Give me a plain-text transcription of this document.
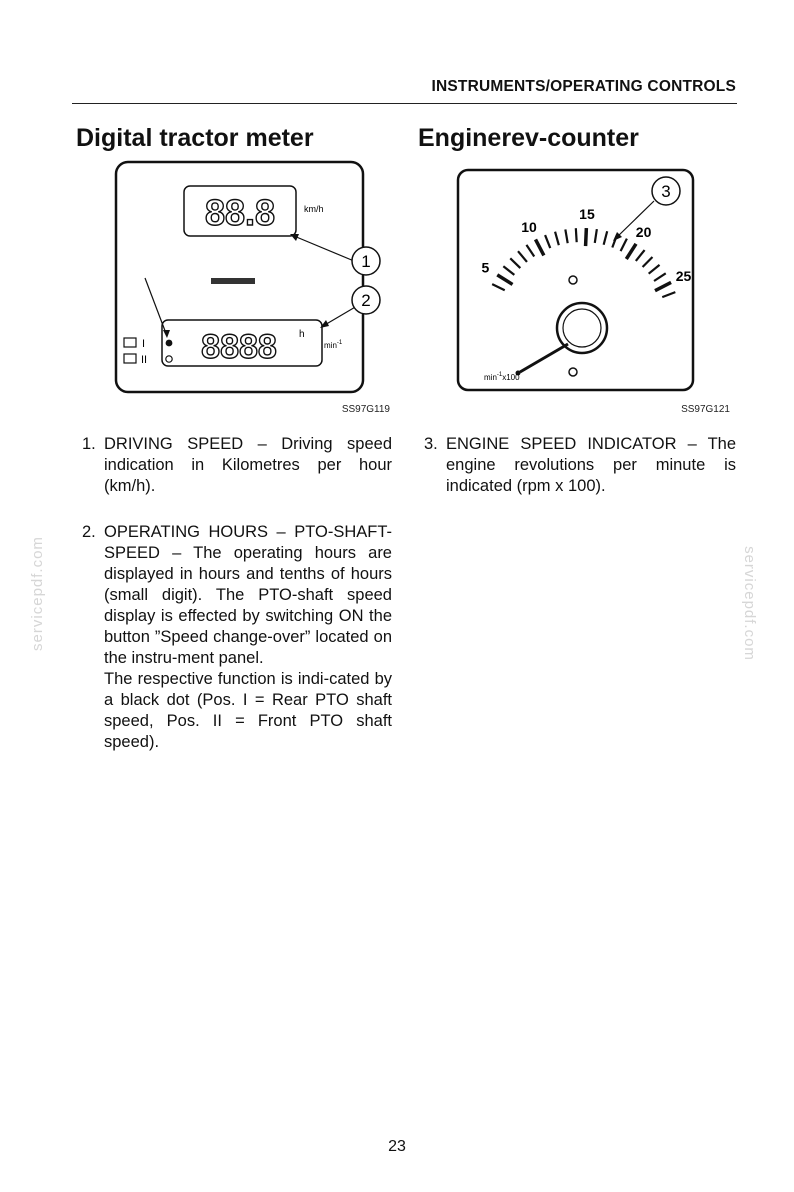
INSTRUMENTS/OPERATING CONTROLS
Digital tractor meter	Enginerev-counter
88.8	km/h
8888 h
$\min^{-1}$
I
II
1
2
SS97G119
5
10
15
20
25
$\min^{-1}x100$
3
SS97G121
1. DRIVING SPEED – Driving speed indication in Kilometres per hour (km/h).

2. OPERATING HOURS – PTO-SHAFT-SPEED – The operating hours are displayed in hours and tenths of hours (small digit). The PTO-shaft speed display is effected by switching ON the button ”Speed change-over” located on the instru-ment panel.

The respective function is indi-cated by a black dot (Pos. I = Rear PTO shaft speed, Pos. II = Front PTO shaft speed).

3. ENGINE SPEED INDICATOR – The engine revolutions per minute is indicated (rpm x 100).

servicepdf.com	servicepdf.com
23
